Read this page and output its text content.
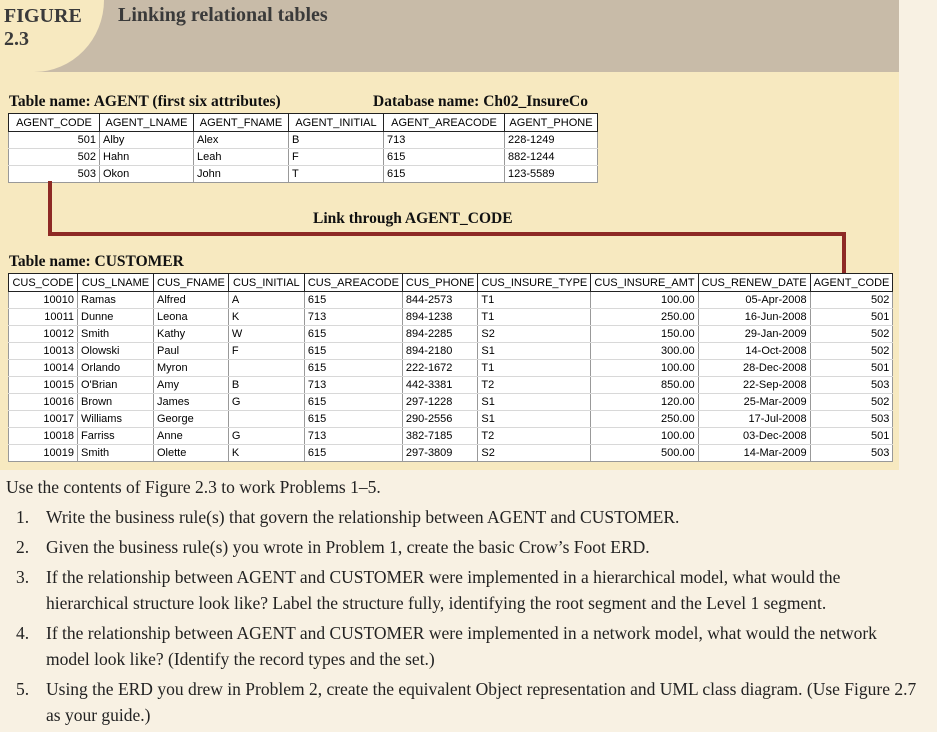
FIGURE
2.3
Linking relational tables
Table name: AGENT (first six attributes)	Database name: Ch02_InsureCo
AGENT_CODE	AGENT_LNAME	AGENT_FNAME	AGENT_INITIAL	AGENT_AREACODE	AGENT_PHONE
501	Alby	Alex	B	713	228-1249
502	Hahn	Leah	F	615	882-1244
503	Okon	John	T	615	123-5589
Link through AGENT_CODE
Table name: CUSTOMER
CUS_CODE	CUS_LNAME	CUS_FNAME	CUS_INITIAL	CUS_AREACODE	CUS_PHONE	CUS_INSURE_TYPE	CUS_INSURE_AMT	CUS_RENEW_DATE	AGENT_CODE
10010	Ramas	Alfred	A	615	844-2573	T1	100.00	05-Apr-2008	502
10011	Dunne	Leona	K	713	894-1238	T1	250.00	16-Jun-2008	501
10012	Smith	Kathy	W	615	894-2285	S2	150.00	29-Jan-2009	502
10013	Olowski	Paul	F	615	894-2180	S1	300.00	14-Oct-2008	502
10014	Orlando	Myron		615	222-1672	T1	100.00	28-Dec-2008	501
10015	O'Brian	Amy	B	713	442-3381	T2	850.00	22-Sep-2008	503
10016	Brown	James	G	615	297-1228	S1	120.00	25-Mar-2009	502
10017	Williams	George		615	290-2556	S1	250.00	17-Jul-2008	503
10018	Farriss	Anne	G	713	382-7185	T2	100.00	03-Dec-2008	501
10019	Smith	Olette	K	615	297-3809	S2	500.00	14-Mar-2009	503
Use the contents of Figure 2.3 to work Problems 1–5.
1. Write the business rule(s) that govern the relationship between AGENT and CUSTOMER.
2. Given the business rule(s) you wrote in Problem 1, create the basic Crow’s Foot ERD.
3. If the relationship between AGENT and CUSTOMER were implemented in a hierarchical model, what would the hierarchical structure look like? Label the structure fully, identifying the root segment and the Level 1 segment.
4. If the relationship between AGENT and CUSTOMER were implemented in a network model, what would the network model look like? (Identify the record types and the set.)
5. Using the ERD you drew in Problem 2, create the equivalent Object representation and UML class diagram. (Use Figure 2.7 as your guide.)
